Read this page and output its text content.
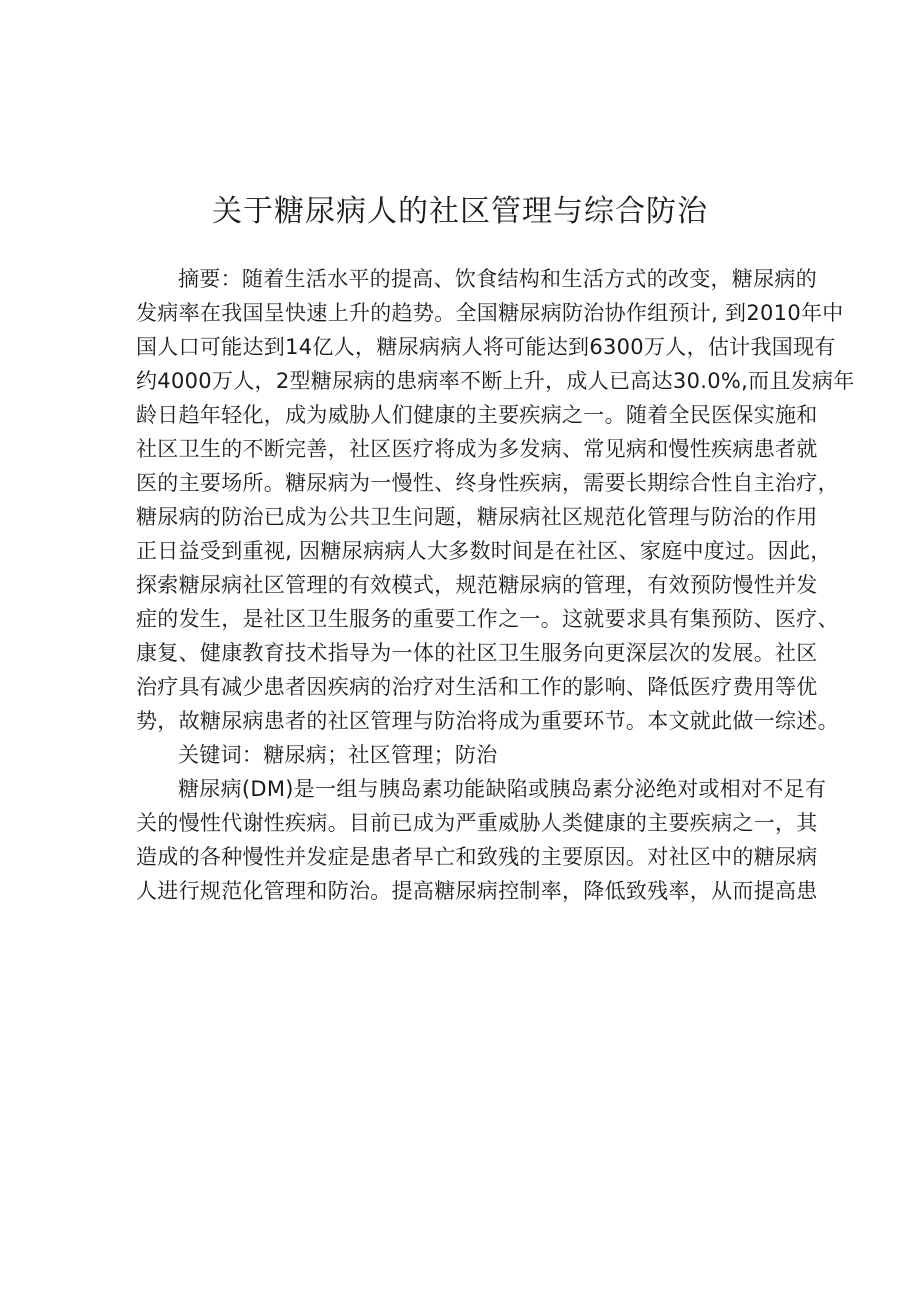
关于糖尿病人的社区管理与综合防治
摘要：随着生活水平的提高、饮食结构和生活方式的改变，糖尿病的
发病率在我国呈快速上升的趋势。全国糖尿病防治协作组预计, 到2010年中
国人口可能达到14亿人，糖尿病病人将可能达到6300万人，估计我国现有
约4000万人，2型糖尿病的患病率不断上升，成人已高达30.0%,而且发病年
龄日趋年轻化，成为威胁人们健康的主要疾病之一。随着全民医保实施和
社区卫生的不断完善，社区医疗将成为多发病、常见病和慢性疾病患者就
医的主要场所。糖尿病为一慢性、终身性疾病，需要长期综合性自主治疗，
糖尿病的防治已成为公共卫生问题，糖尿病社区规范化管理与防治的作用
正日益受到重视, 因糖尿病病人大多数时间是在社区、家庭中度过。因此，
探索糖尿病社区管理的有效模式，规范糖尿病的管理，有效预防慢性并发
症的发生，是社区卫生服务的重要工作之一。这就要求具有集预防、医疗、
康复、健康教育技术指导为一体的社区卫生服务向更深层次的发展。社区
治疗具有减少患者因疾病的治疗对生活和工作的影响、降低医疗费用等优
势，故糖尿病患者的社区管理与防治将成为重要环节。本文就此做一综述。
关键词：糖尿病；社区管理；防治
糖尿病(DM)是一组与胰岛素功能缺陷或胰岛素分泌绝对或相对不足有
关的慢性代谢性疾病。目前已成为严重威胁人类健康的主要疾病之一，其
造成的各种慢性并发症是患者早亡和致残的主要原因。对社区中的糖尿病
人进行规范化管理和防治。提高糖尿病控制率，降低致残率，从而提高患
